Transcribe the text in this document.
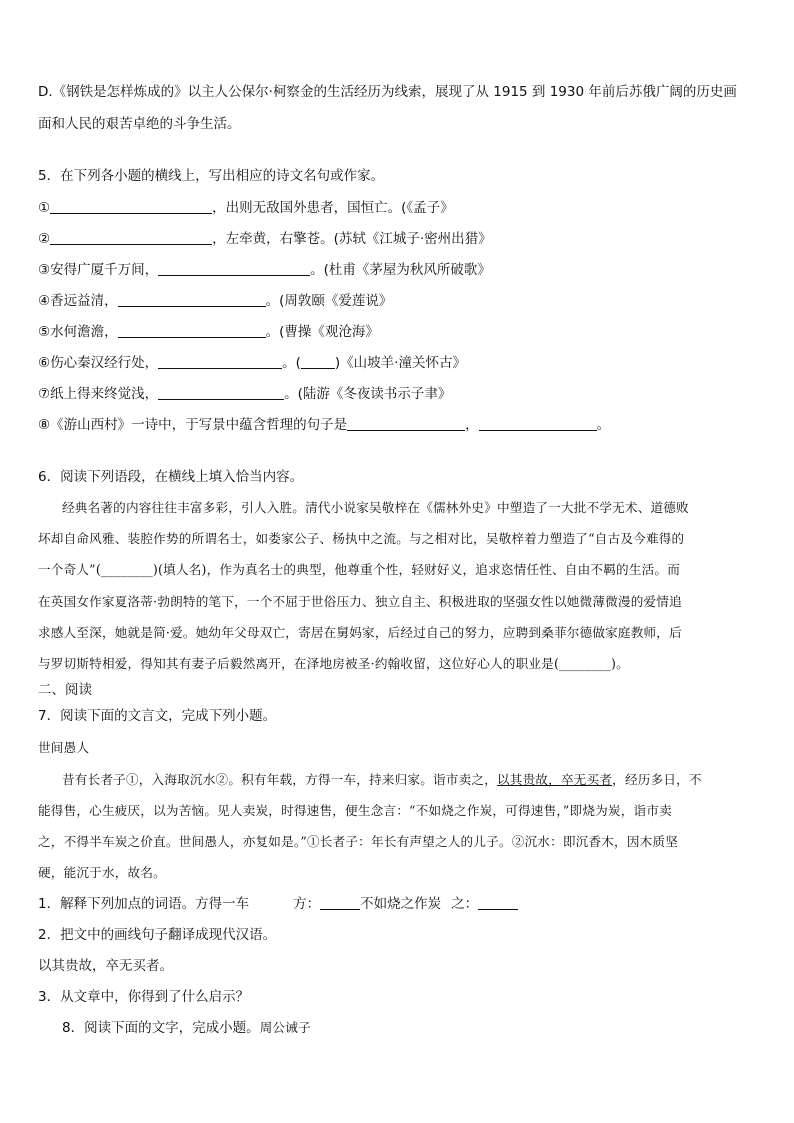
D.《钢铁是怎样炼成的》以主人公保尔·柯察金的生活经历为线索，展现了从 1915 到 1930 年前后苏俄广阔的历史画
面和人民的艰苦卓绝的斗争生活。
5．在下列各小题的横线上，写出相应的诗文名句或作家。
①	，出则无敌国外患者，国恒亡。(《孟子》
②	，左牵黄，右擎苍。(苏轼《江城子·密州出猎》
③安得广厦千万间，	。(杜甫《茅屋为秋风所破歌》
④香远益清，	。(周敦颐《爱莲说》
⑤水何澹澹，	。(曹操《观沧海》
⑥伤心秦汉经行处，	。(	)《山坡羊·潼关怀古》
⑦纸上得来终觉浅，	。(陆游《冬夜读书示子聿》
⑧《游山西村》一诗中，于写景中蕴含哲理的句子是	，	。
6．阅读下列语段，在横线上填入恰当内容。
经典名著的内容往往丰富多彩，引人入胜。清代小说家吴敬梓在《儒林外史》中塑造了一大批不学无术、道德败
坏却自命风雅、装腔作势的所谓名士，如娄家公子、杨执中之流。与之相对比，吴敬梓着力塑造了“自古及今难得的
一个奇人”(________)(填人名)，作为真名士的典型，他尊重个性，轻财好义，追求恣情任性、自由不羁的生活。而
在英国女作家夏洛蒂·勃朗特的笔下，一个不屈于世俗压力、独立自主、积极进取的坚强女性以她微薄微漫的爱情追
求感人至深，她就是简·爱。她幼年父母双亡，寄居在舅妈家，后经过自己的努力，应聘到桑菲尔德做家庭教师，后
与罗切斯特相爱，得知其有妻子后毅然离开，在泽地房被圣·约翰收留，这位好心人的职业是(________)。
二、阅读
7．阅读下面的文言文，完成下列小题。
世间愚人
昔有长者子①，入海取沉水②。积有年载，方得一车，持来归家。诣市卖之，以其贵故，卒无买者，经历多日，不
能得售，心生疲厌，以为苦恼。见人卖炭，时得速售，便生念言：“不如烧之作炭，可得速售，”即烧为炭，诣市卖
之，不得半车炭之价直。世间愚人，亦复如是。”①长者子：年长有声望之人的儿子。②沉水：即沉香木，因木质坚
硬，能沉于水，故名。
1．解释下列加点的词语。方得一车	方：	不如烧之作炭 之：
2．把文中的画线句子翻译成现代汉语。
以其贵故，卒无买者。
3．从文章中，你得到了什么启示？
8．阅读下面的文字，完成小题。周公诫子
